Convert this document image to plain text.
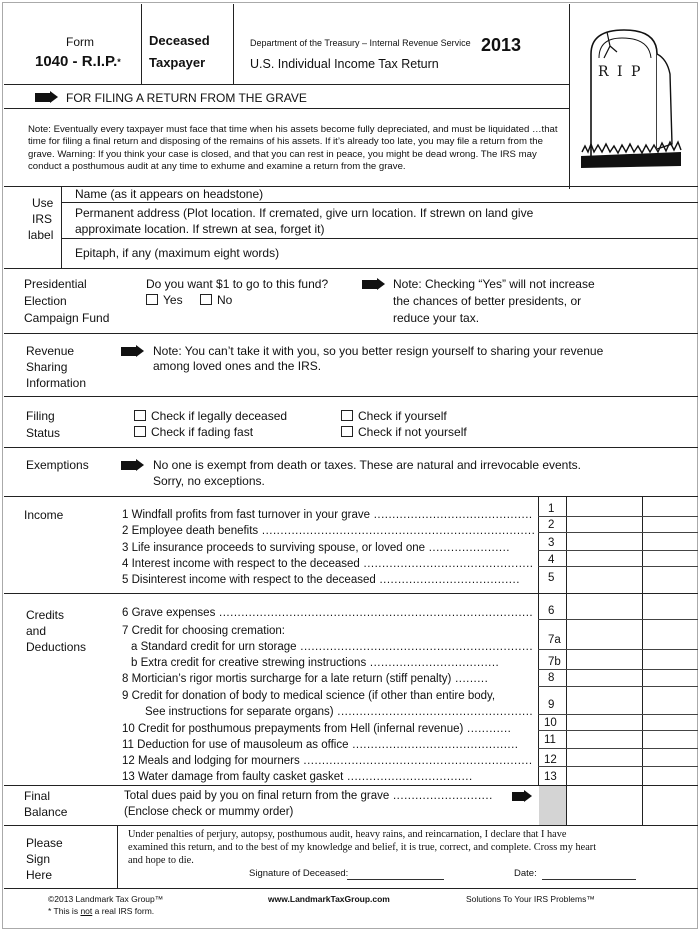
Form
1040 - R.I.P.*
Deceased
Taxpayer
Department of the Treasury – Internal Revenue Service
U.S. Individual Income Tax Return
2013
R I P
FOR FILING A RETURN FROM THE GRAVE
Note: Eventually every taxpayer must face that time when his assets become fully depreciated, and must be liquidated …that time for filing a final return and disposing of the remains of his assets. If it’s already too late, you may file a return from the grave. Warning: If you think your case is closed, and that you can rest in peace, you might be dead wrong. The IRS may conduct a posthumous audit at any time to exhume and examine a return from the grave.
Use
IRS
label
Name (as it appears on headstone)
Permanent address (Plot location. If cremated, give urn location. If strewn on land give
approximate location. If strewn at sea, forget it)
Epitaph, if any (maximum eight words)
Presidential
Election
Campaign Fund
Do you want $1 to go to this fund?
Yes	No
Note: Checking “Yes” will not increase
the chances of better presidents, or
reduce your tax.
Revenue
Sharing
Information
Note: You can’t take it with you, so you better resign yourself to sharing your revenue
among loved ones and the IRS.
Filing
Status
Check if legally deceased
Check if fading fast
Check if yourself
Check if not yourself
Exemptions	No one is exempt from death or taxes. These are natural and irrevocable events.
Sorry, no exceptions.
Income	1 Windfall profits from fast turnover in your grave ........................................... 1
2 Employee death benefits .......................................................................... 2
3 Life insurance proceeds to surviving spouse, or loved one ......................	3
4 Interest income with respect to the deceased .............................................. 4
5 Disinterest income with respect to the deceased ...................................... 5
Credits
and
Deductions
6 Grave expenses ..................................................................................... 6
7 Credit for choosing cremation:
a Standard credit for urn storage ...............................................................
7a
b Extra credit for creative strewing instructions ...................................	7b
8 Mortician’s rigor mortis surcharge for a late return (stiff penalty) .........	8
9 Credit for donation of body to medical science (if other than entire body,
See instructions for separate organs) .....................................................
9
10 Credit for posthumous prepayments from Hell (infernal revenue) ............	10
11 Deduction for use of mausoleum as office ............................................. 11
12 Meals and lodging for mourners .............................................................. 12
13 Water damage from faulty casket gasket ..................................	13
Final
Balance
Total dues paid by you on final return from the grave ...........................
(Enclose check or mummy order)
Please
Sign
Here
Under penalties of perjury, autopsy, posthumous audit, heavy rains, and reincarnation, I declare that I have
examined this return, and to the best of my knowledge and belief, it is true, correct, and complete. Cross my heart
and hope to die.
Signature of Deceased:	Date:
©2013 Landmark Tax Group™
* This is not a real IRS form.
www.LandmarkTaxGroup.com	Solutions To Your IRS Problems™
